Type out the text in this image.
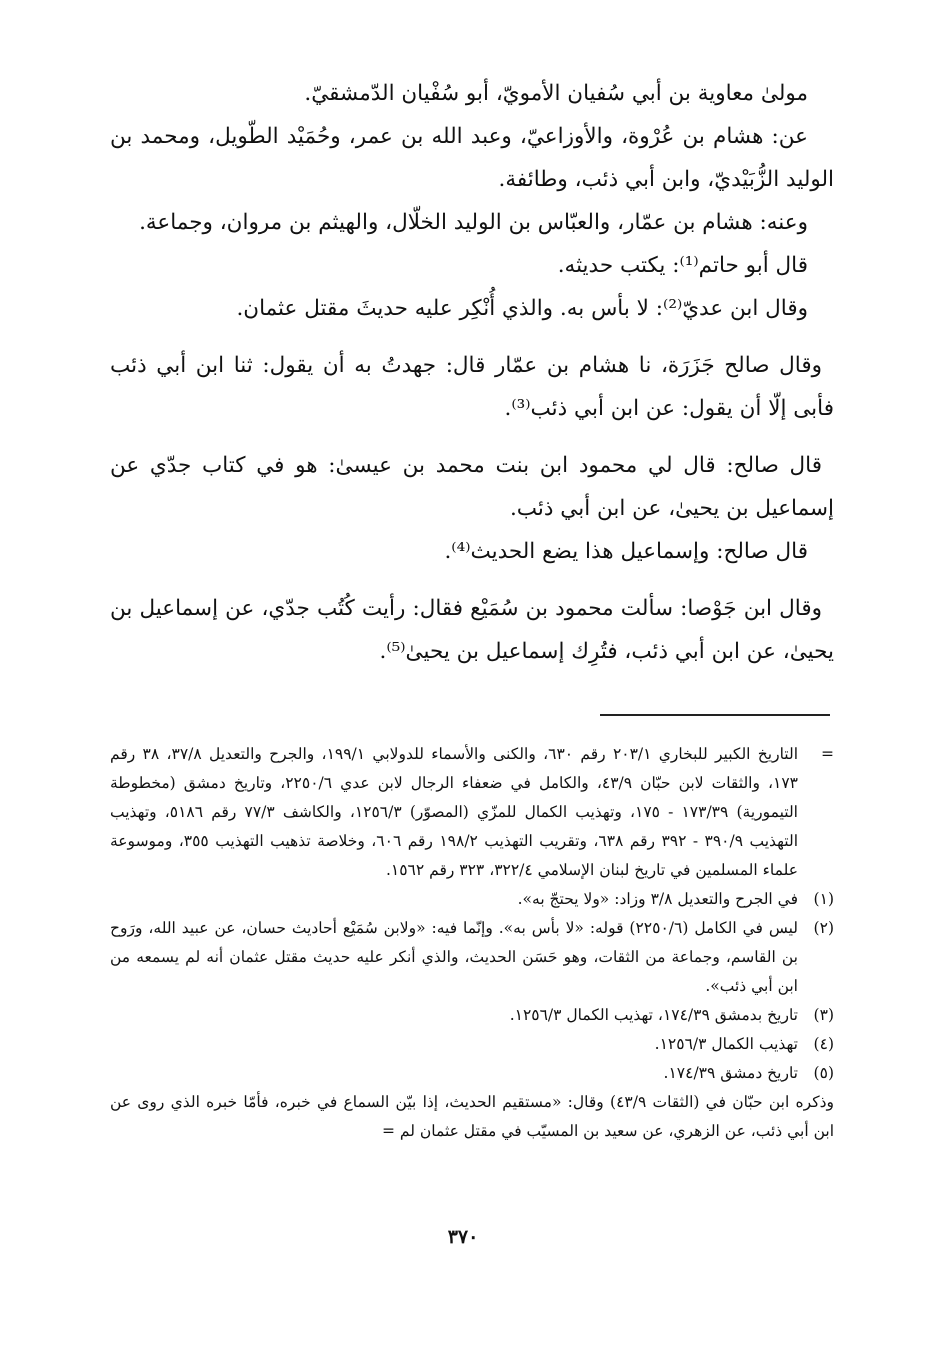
مولىٰ معاوية بن أبي سُفيان الأمويّ، أبو سُفْيان الدّمشقيّ.

عن: هشام بن عُرْوة، والأوزاعيّ، وعبد الله بن عمر، وحُمَيْد الطّويل، ومحمد بن الوليد الزُّبَيْديّ، وابن أبي ذئب، وطائفة.

وعنه: هشام بن عمّار، والعبّاس بن الوليد الخلّال، والهيثم بن مروان، وجماعة.

قال أبو حاتم⁽¹⁾: يكتب حديثه.

وقال ابن عديّ⁽²⁾: لا بأس به. والذي أُنْكِر عليه حديثَ مقتل عثمان.

وقال صالح جَزَرَة، نا هشام بن عمّار قال: جهدتُ به أن يقول: ثنا ابن أبي ذئب فأبى إلّا أن يقول: عن ابن أبي ذئب⁽³⁾.

قال صالح: قال لي محمود ابن بنت محمد بن عيسىٰ: هو في كتاب جدّي عن إسماعيل بن يحيىٰ، عن ابن أبي ذئب.

قال صالح: وإسماعيل هذا يضع الحديث⁽⁴⁾.

وقال ابن جَوْصا: سألت محمود بن سُمَيْع فقال: رأيت كُتُب جدّي، عن إسماعيل بن يحيىٰ، عن ابن أبي ذئب، فتُرِك إسماعيل بن يحيىٰ⁽⁵⁾.

=
التاريخ الكبير للبخاري ٢٠٣/١ رقم ٦٣٠، والكنى والأسماء للدولابي ١٩٩/١، والجرح والتعديل ٣٧/٨، ٣٨ رقم ١٧٣، والثقات لابن حبّان ٤٣/٩، والكامل في ضعفاء الرجال لابن عدي ٢٢٥٠/٦، وتاريخ دمشق (مخطوطة التيمورية) ١٧٣/٣٩ - ١٧٥، وتهذيب الكمال للمزّي (المصوّر) ١٢٥٦/٣، والكاشف ٧٧/٣ رقم ٥١٨٦، وتهذيب التهذيب ٣٩٠/٩ - ٣٩٢ رقم ٦٣٨، وتقريب التهذيب ١٩٨/٢ رقم ٦٠٦، وخلاصة تذهيب التهذيب ٣٥٥، وموسوعة علماء المسلمين في تاريخ لبنان الإسلامي ٣٢٢/٤، ٣٢٣ رقم ١٥٦٢.
(١)
في الجرح والتعديل ٣/٨ وزاد: «ولا يحتجّ به».
(٢)
ليس في الكامل (٢٢٥٠/٦) قوله: «لا بأس به». وإنّما فيه: «ولابن سُمَيْع أحاديث حسان، عن عبيد الله، ورَوح بن القاسم، وجماعة من الثقات، وهو حَسَن الحديث، والذي أنكر عليه حديث مقتل عثمان أنه لم يسمعه من ابن أبي ذئب».
(٣)
تاريخ بدمشق ١٧٤/٣٩، تهذيب الكمال ١٢٥٦/٣.
(٤)
تهذيب الكمال ١٢٥٦/٣.
(٥)
تاريخ دمشق ١٧٤/٣٩.

وذكره ابن حبّان في (الثقات ٤٣/٩) وقال: «مستقيم الحديث، إذا بيّن السماع في خبره، فأمّا خبره الذي روى عن ابن أبي ذئب، عن الزهري، عن سعيد بن المسيّب في مقتل عثمان لم =

٣٧٠
